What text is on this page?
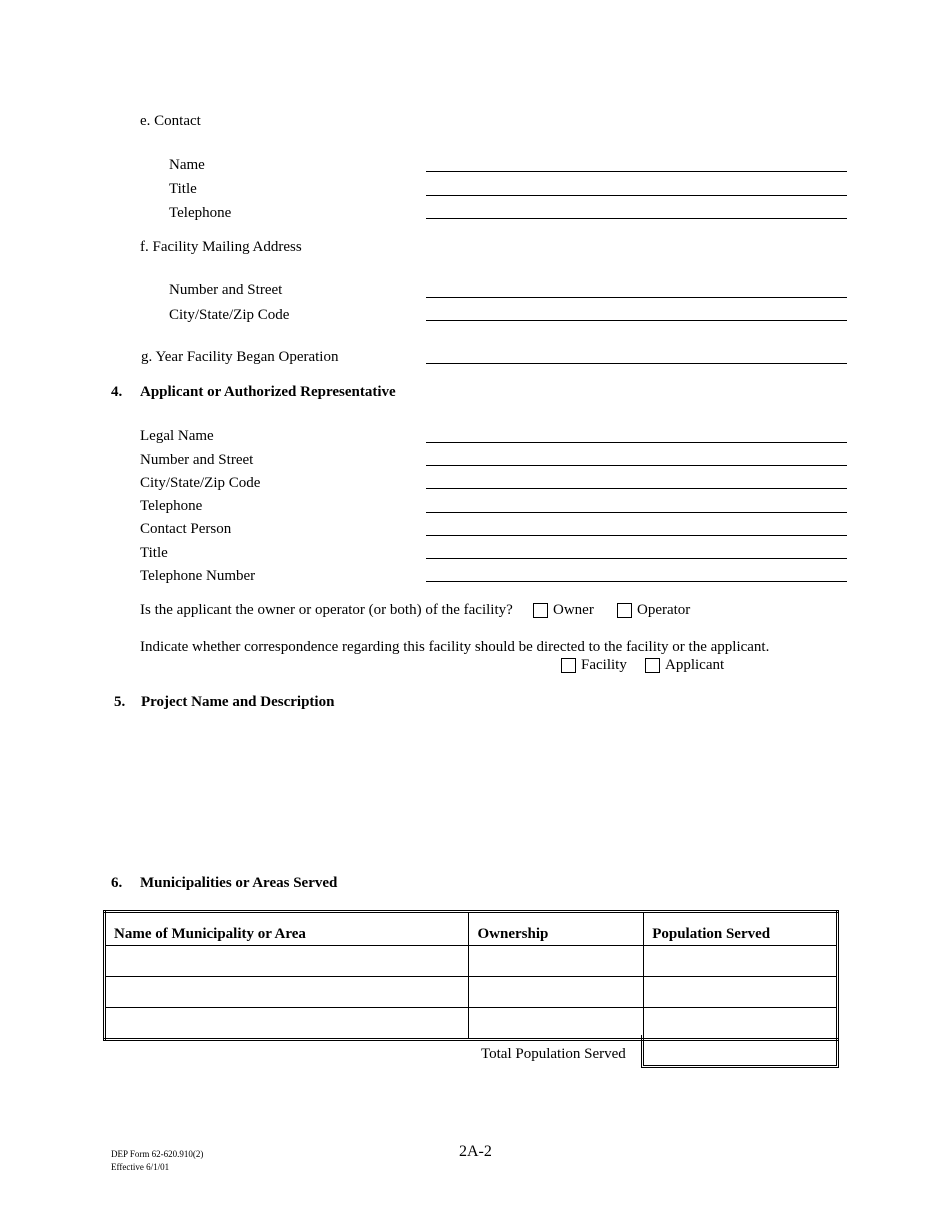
e. Contact
Name
Title
Telephone
f. Facility Mailing Address
Number and Street
City/State/Zip Code
g. Year Facility Began Operation
4. Applicant or Authorized Representative
Legal Name
Number and Street
City/State/Zip Code
Telephone
Contact Person
Title
Telephone Number
Is the applicant the owner or operator (or both) of the facility?	Owner	Operator
Indicate whether correspondence regarding this facility should be directed to the facility or the applicant.
Facility	Applicant
5. Project Name and Description
6. Municipalities or Areas Served
Name of Municipality or Area	Ownership	Population Served

Total Population Served
DEP Form 62-620.910(2)
Effective 6/1/01
2A-2
